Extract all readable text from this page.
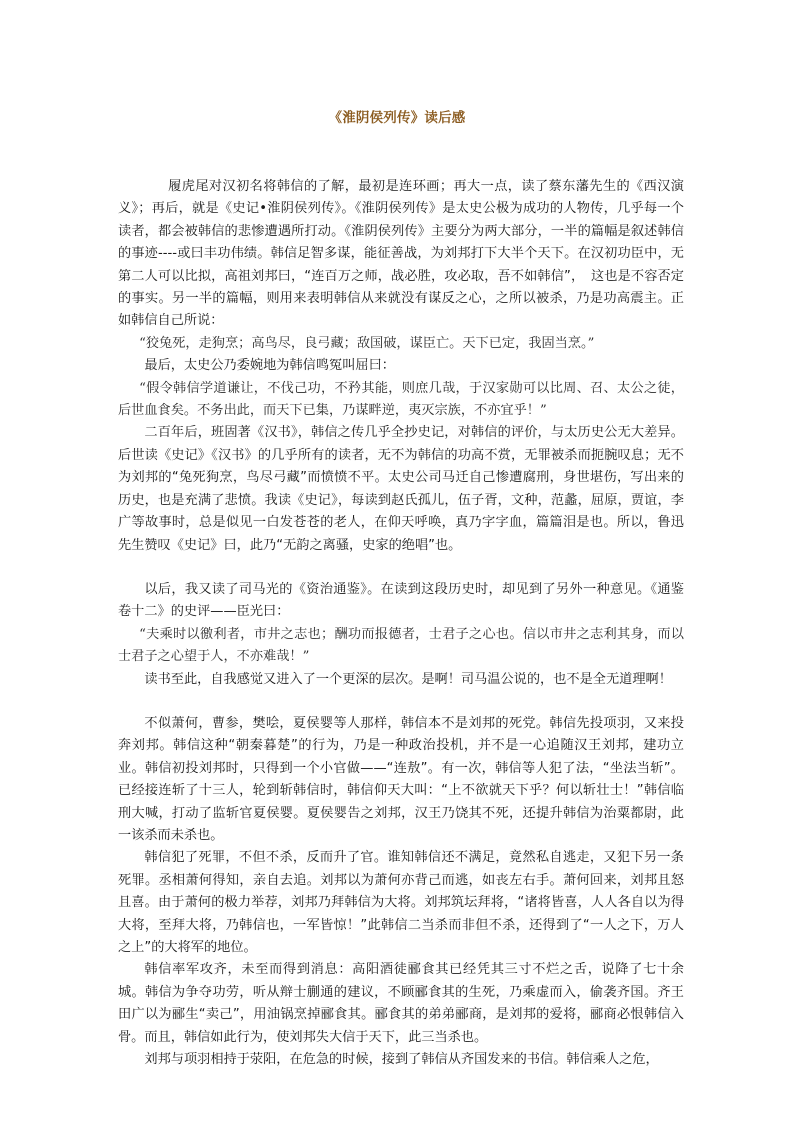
《淮阴侯列传》读后感

履虎尾对汉初名将韩信的了解，最初是连环画；再大一点，读了蔡东藩先生的《西汉演义》；再后，就是《史记•淮阴侯列传》。《淮阴侯列传》是太史公极为成功的人物传，几乎每一个读者，都会被韩信的悲惨遭遇所打动。《淮阴侯列传》主要分为两大部分，一半的篇幅是叙述韩信的事迹----或曰丰功伟绩。韩信足智多谋，能征善战，为刘邦打下大半个天下。在汉初功臣中，无第二人可以比拟，高祖刘邦曰，“连百万之师，战必胜，攻必取，吾不如韩信”，　这也是不容否定的事实。另一半的篇幅，则用来表明韩信从来就没有谋反之心，之所以被杀，乃是功高震主。正如韩信自己所说：

“狡兔死，走狗烹；高鸟尽，良弓藏；敌国破，谋臣亡。天下已定，我固当烹。”

最后，太史公乃委婉地为韩信鸣冤叫屈曰：

“假令韩信学道谦让，不伐己功，不矜其能，则庶几哉，于汉家勋可以比周、召、太公之徒，后世血食矣。不务出此，而天下已集，乃谋畔逆，夷灭宗族，不亦宜乎！”

二百年后，班固著《汉书》，韩信之传几乎全抄史记，对韩信的评价，与太历史公无大差异。后世读《史记》《汉书》的几乎所有的读者，无不为韩信的功高不赏，无罪被杀而扼腕叹息；无不为刘邦的“兔死狗烹，鸟尽弓藏”而愤愤不平。太史公司马迁自己惨遭腐刑，身世堪伤，写出来的历史，也是充满了悲愤。我读《史记》，每读到赵氏孤儿，伍子胥，文种，范蠡，屈原，贾谊，李广等故事时，总是似见一白发苍苍的老人，在仰天呼唤，真乃字字血，篇篇泪是也。所以，鲁迅先生赞叹《史记》曰，此乃“无韵之离骚，史家的绝唱”也。

以后，我又读了司马光的《资治通鉴》。在读到这段历史时，却见到了另外一种意见。《通鉴卷十二》的史评——臣光曰：

“夫乘时以徼利者，市井之志也；酬功而报德者，士君子之心也。信以市井之志利其身，而以士君子之心望于人，不亦难哉！”

读书至此，自我感觉又进入了一个更深的层次。是啊！司马温公说的，也不是全无道理啊！

不似萧何，曹参，樊哙，夏侯婴等人那样，韩信本不是刘邦的死党。韩信先投项羽，又来投奔刘邦。韩信这种“朝秦暮楚”的行为，乃是一种政治投机，并不是一心追随汉王刘邦，建功立业。韩信初投刘邦时，只得到一个小官做——“连敖”。有一次，韩信等人犯了法，“坐法当斩”。已经接连斩了十三人，轮到斩韩信时，韩信仰天大叫：“上不欲就天下乎？何以斩壮士！”韩信临刑大喊，打动了监斩官夏侯婴。夏侯婴告之刘邦，汉王乃饶其不死，还提升韩信为治粟都尉，此一该杀而未杀也。

韩信犯了死罪，不但不杀，反而升了官。谁知韩信还不满足，竟然私自逃走，又犯下另一条死罪。丞相萧何得知，亲自去追。刘邦以为萧何亦背己而逃，如丧左右手。萧何回来，刘邦且怒且喜。由于萧何的极力举荐，刘邦乃拜韩信为大将。刘邦筑坛拜将，“诸将皆喜，人人各自以为得大将，至拜大将，乃韩信也，一军皆惊！”此韩信二当杀而非但不杀，还得到了“一人之下，万人之上”的大将军的地位。

韩信率军攻齐，未至而得到消息：高阳酒徒郦食其已经凭其三寸不烂之舌，说降了七十余城。韩信为争夺功劳，听从辩士蒯通的建议，不顾郦食其的生死，乃乘虚而入，偷袭齐国。齐王田广以为郦生“卖己”，用油锅烹掉郦食其。郦食其的弟弟郦商，是刘邦的爱将，郦商必恨韩信入骨。而且，韩信如此行为，使刘邦失大信于天下，此三当杀也。

刘邦与项羽相持于荥阳，在危急的时候，接到了韩信从齐国发来的书信。韩信乘人之危，
